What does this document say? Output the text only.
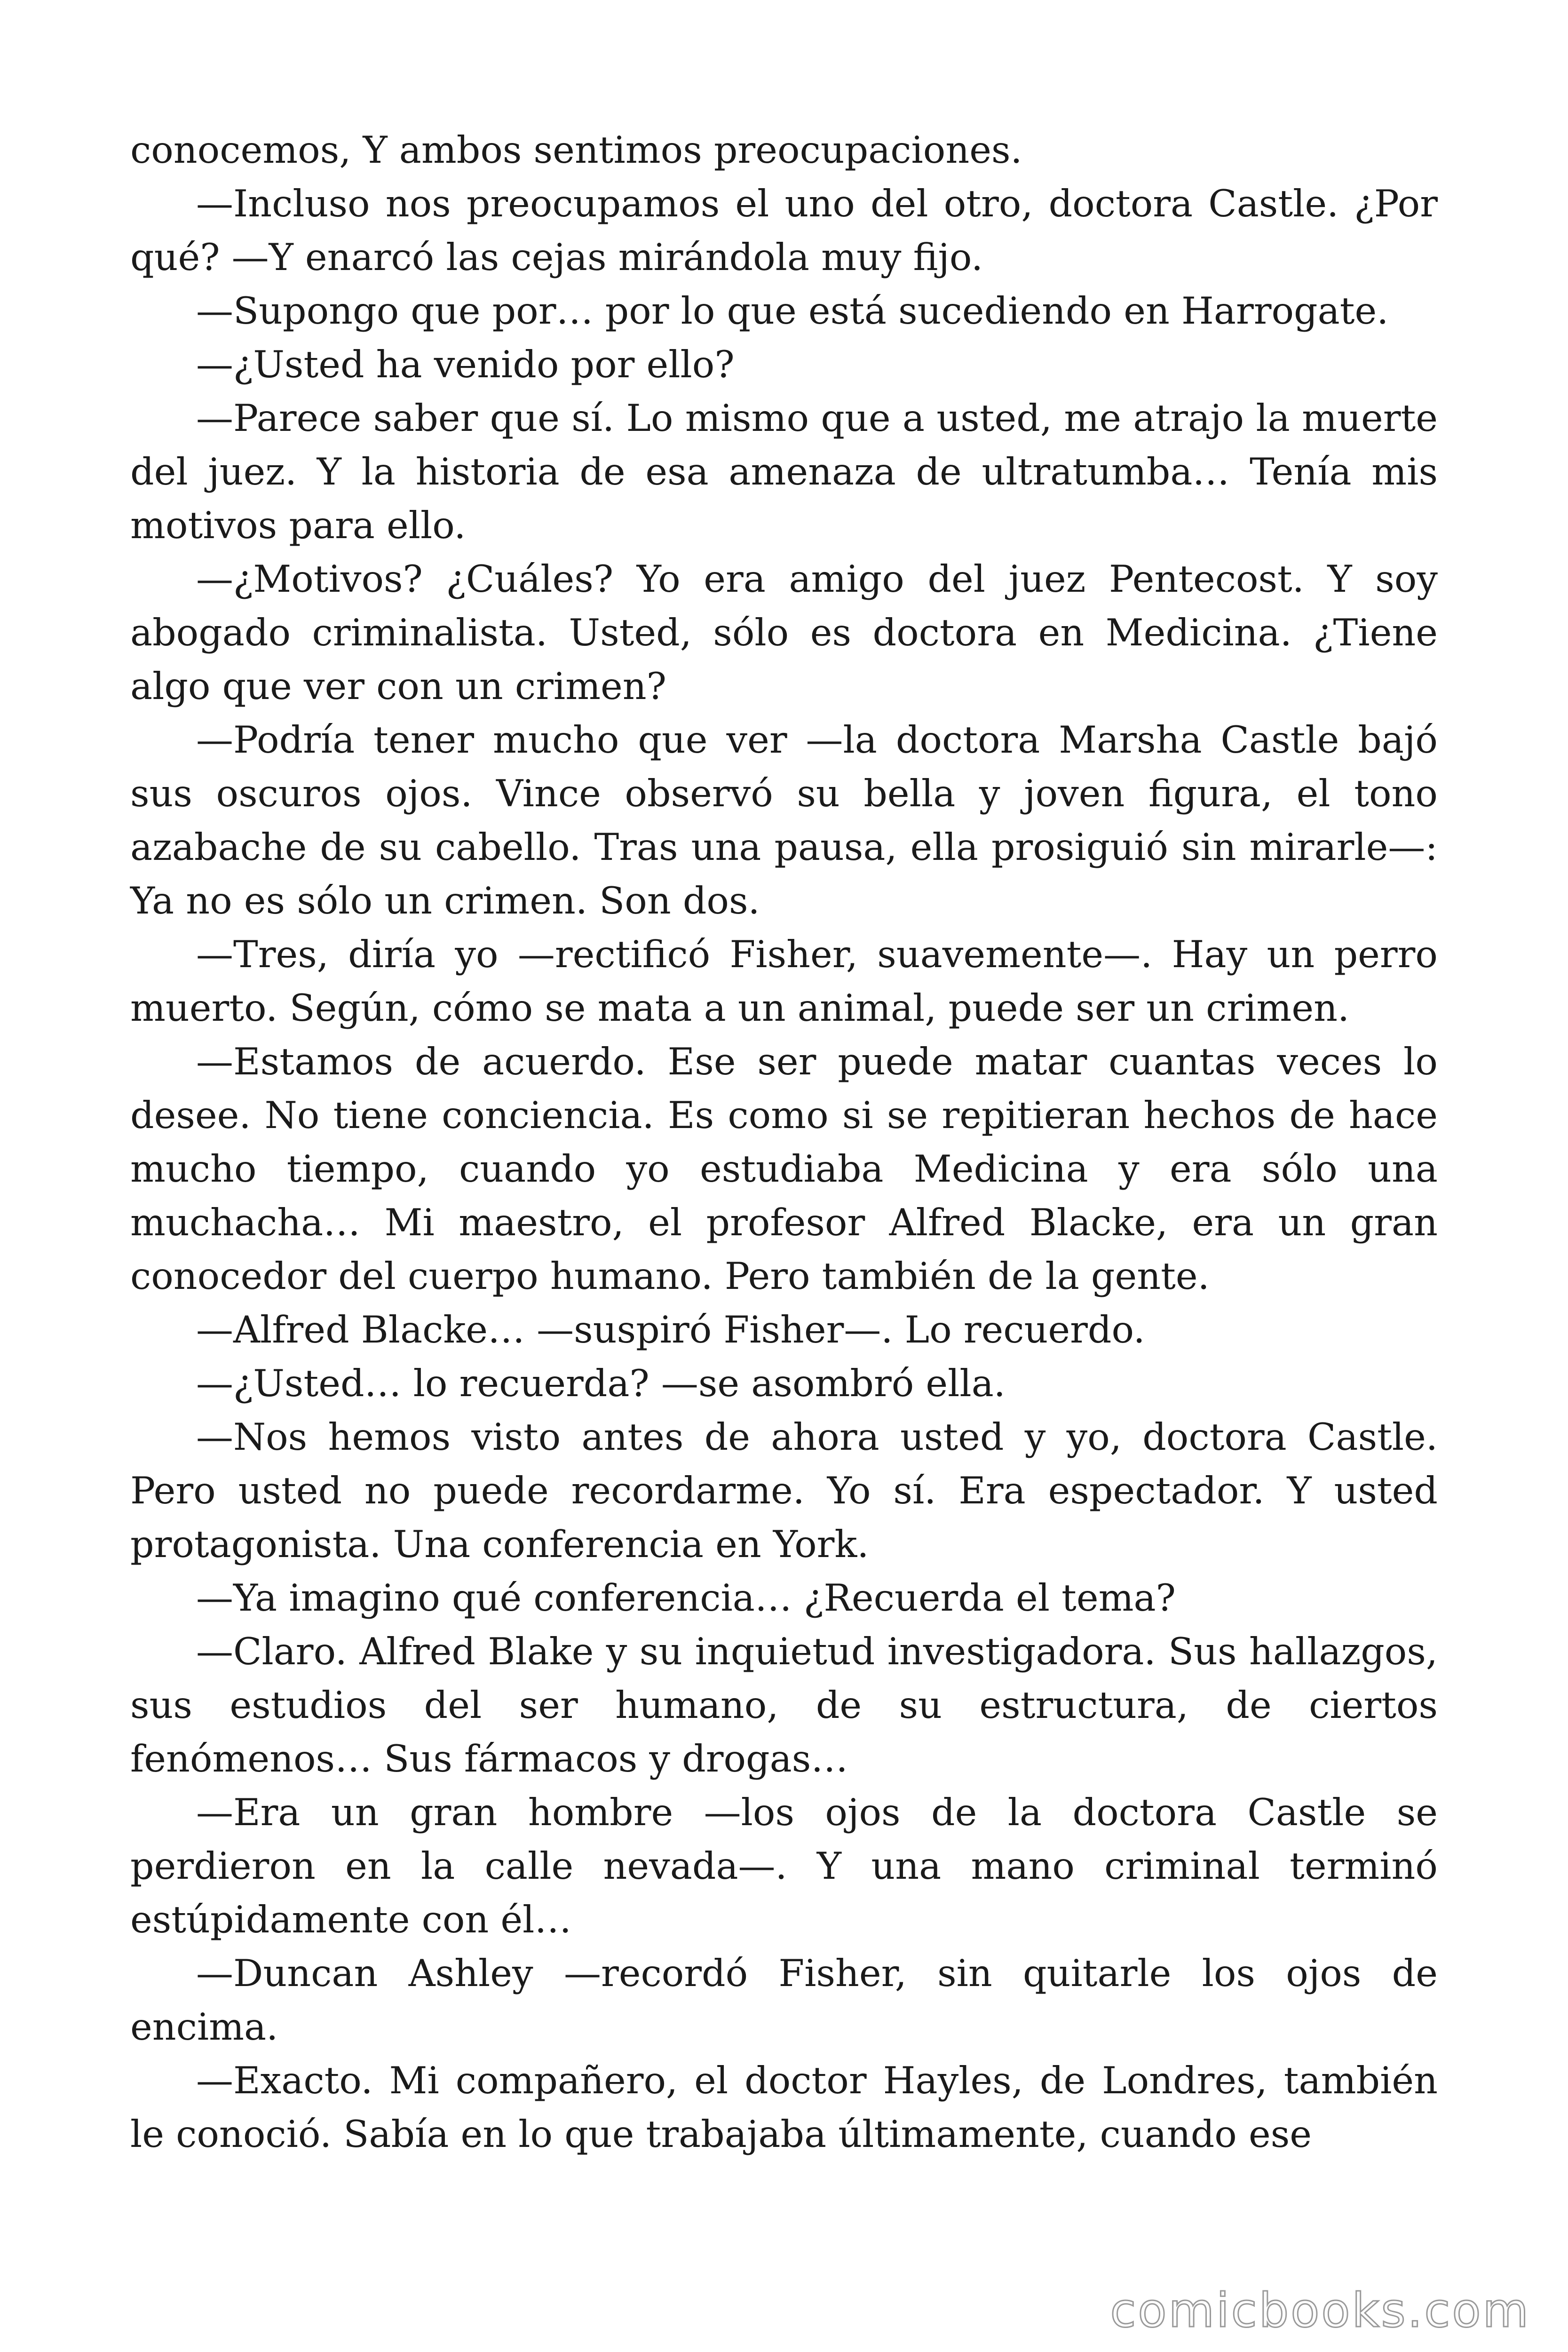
conocemos, Y ambos sentimos preocupaciones.

—Incluso nos preocupamos el uno del otro, doctora Castle. ¿Por qué? —Y enarcó las cejas mirándola muy fijo.

—Supongo que por… por lo que está sucediendo en Harrogate.

—¿Usted ha venido por ello?

—Parece saber que sí. Lo mismo que a usted, me atrajo la muerte del juez. Y la historia de esa amenaza de ultratumba… Tenía mis motivos para ello.

—¿Motivos? ¿Cuáles? Yo era amigo del juez Pentecost. Y soy abogado criminalista. Usted, sólo es doctora en Medicina. ¿Tiene algo que ver con un crimen?

—Podría tener mucho que ver —la doctora Marsha Castle bajó sus oscuros ojos. Vince observó su bella y joven figura, el tono azabache de su cabello. Tras una pausa, ella prosiguió sin mirarle—: Ya no es sólo un crimen. Son dos.

—Tres, diría yo —rectificó Fisher, suavemente—. Hay un perro muerto. Según, cómo se mata a un animal, puede ser un crimen.

—Estamos de acuerdo. Ese ser puede matar cuantas veces lo desee. No tiene conciencia. Es como si se repitieran hechos de hace mucho tiempo, cuando yo estudiaba Medicina y era sólo una muchacha… Mi maestro, el profesor Alfred Blacke, era un gran conocedor del cuerpo humano. Pero también de la gente.

—Alfred Blacke… —suspiró Fisher—. Lo recuerdo.

—¿Usted… lo recuerda? —se asombró ella.

—Nos hemos visto antes de ahora usted y yo, doctora Castle. Pero usted no puede recordarme. Yo sí. Era espectador. Y usted protagonista. Una conferencia en York.

—Ya imagino qué conferencia… ¿Recuerda el tema?

—Claro. Alfred Blake y su inquietud investigadora. Sus hallazgos, sus estudios del ser humano, de su estructura, de ciertos fenómenos… Sus fármacos y drogas…

—Era un gran hombre —los ojos de la doctora Castle se perdieron en la calle nevada—. Y una mano criminal terminó estúpidamente con él…

—Duncan Ashley —recordó Fisher, sin quitarle los ojos de encima.

—Exacto. Mi compañero, el doctor Hayles, de Londres, también le conoció. Sabía en lo que trabajaba últimamente, cuando ese

comicbooks.com
